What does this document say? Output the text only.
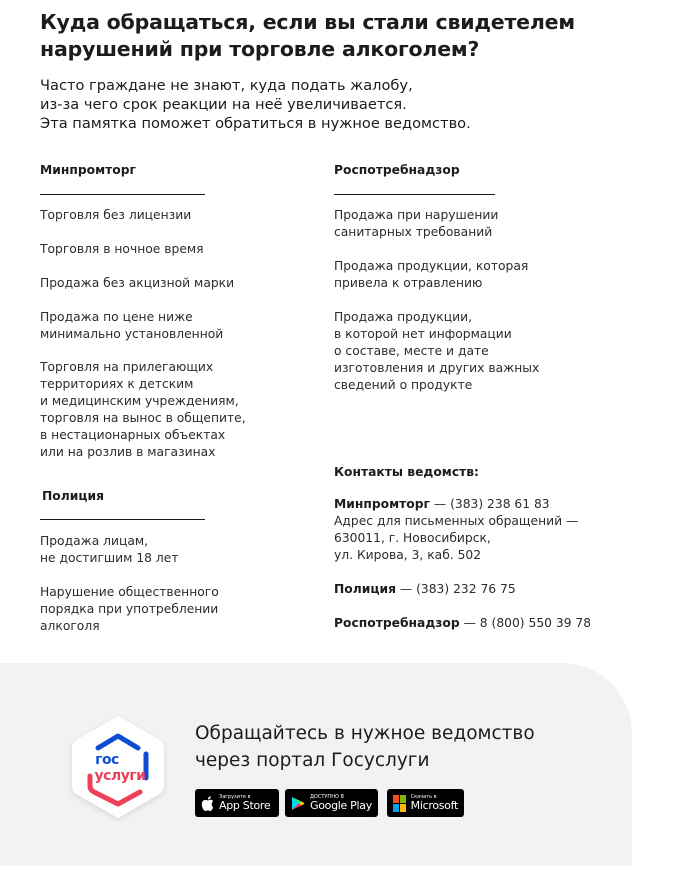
Куда обращаться, если вы стали свидетелем
нарушений при торговле алкоголем?
Часто граждане не знают, куда подать жалобу,
из-за чего срок реакции на неё увеличивается.
Эта памятка поможет обратиться в нужное ведомство.
Минпромторг
Торговля без лицензии
Торговля в ночное время
Продажа без акцизной марки
Продажа по цене ниже
минимально установленной
Торговля на прилегающих
территориях к детским
и медицинским учреждениям,
торговля на вынос в общепите,
в нестационарных объектах
или на розлив в магазинах
Полиция
Продажа лицам,
не достигшим 18 лет
Нарушение общественного
порядка при употреблении
алкоголя
Роспотребнадзор
Продажа при нарушении
санитарных требований
Продажа продукции, которая
привела к отравлению
Продажа продукции,
в которой нет информации
о составе, месте и дате
изготовления и других важных
сведений о продукте
Контакты ведомств:
Минпромторг — (383) 238 61 83
Адрес для письменных обращений —
630011, г. Новосибирск,
ул. Кирова, 3, каб. 502
Полиция — (383) 232 76 75
Роспотребнадзор — 8 (800) 550 39 78
гос
услуги
Обращайтесь в нужное ведомство
через портал Госуслуги
Загрузите в
App Store
ДОСТУПНО В
Google Play
Скачать в
Microsoft
